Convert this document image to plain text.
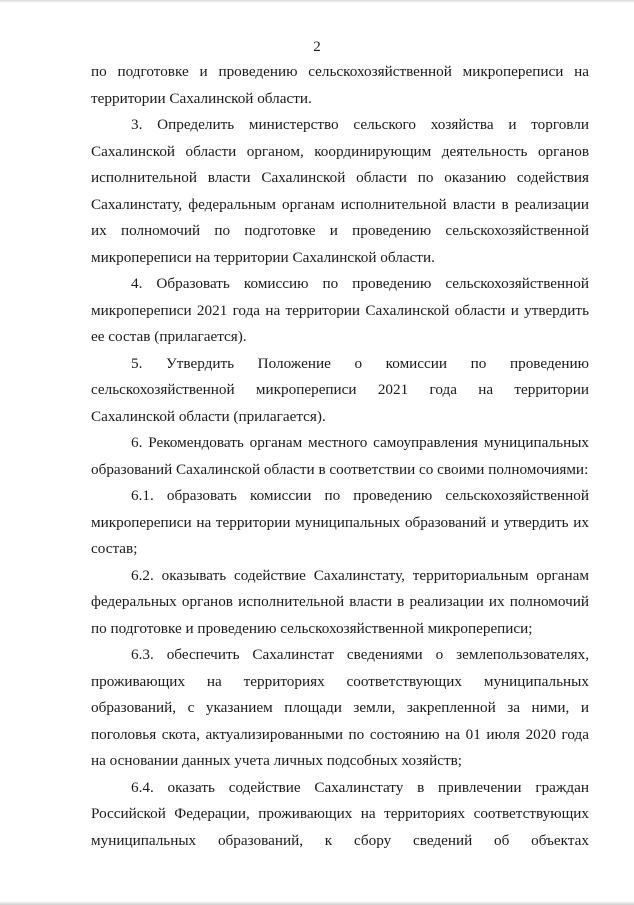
2

по подготовке и проведению сельскохозяйственной микропереписи на территории Сахалинской области.

3. Определить министерство сельского хозяйства и торговли Сахалинской области органом, координирующим деятельность органов исполнительной власти Сахалинской области по оказанию содействия Сахалинстату, федеральным органам исполнительной власти в реализации их полномочий по подготовке и проведению сельскохозяйственной микропереписи на территории Сахалинской области.

4. Образовать комиссию по проведению сельскохозяйственной микропереписи 2021 года на территории Сахалинской области и утвердить ее состав (прилагается).

5. Утвердить Положение о комиссии по проведению сельскохозяйственной микропереписи 2021 года на территории Сахалинской области (прилагается).

6. Рекомендовать органам местного самоуправления муниципальных образований Сахалинской области в соответствии со своими полномочиями:

6.1. образовать комиссии по проведению сельскохозяйственной микропереписи на территории муниципальных образований и утвердить их состав;

6.2. оказывать содействие Сахалинстату, территориальным органам федеральных органов исполнительной власти в реализации их полномочий по подготовке и проведению сельскохозяйственной микропереписи;

6.3. обеспечить Сахалинстат сведениями о землепользователях, проживающих на территориях соответствующих муниципальных образований, с указанием площади земли, закрепленной за ними, и поголовья скота, актуализированными по состоянию на 01 июля 2020 года на основании данных учета личных подсобных хозяйств;

6.4. оказать содействие Сахалинстату в привлечении граждан Российской Федерации, проживающих на территориях соответствующих муниципальных образований, к сбору сведений об объектах
